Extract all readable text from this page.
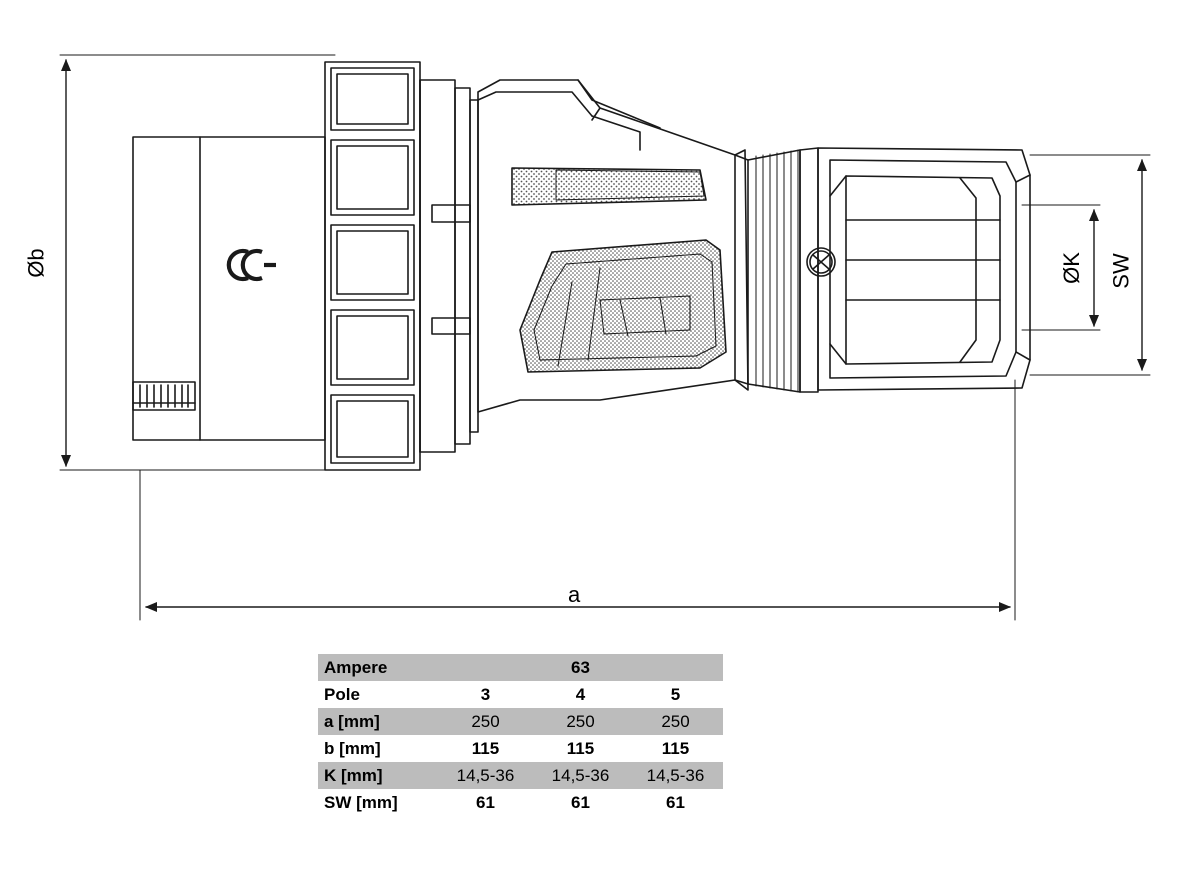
Øb
a
ØK SW
Ampere	63		
Pole	3	4	5
a [mm]	250	250	250
b [mm]	115	115	115
K [mm]	14,5-36	14,5-36	14,5-36
SW [mm]	61	61	61
